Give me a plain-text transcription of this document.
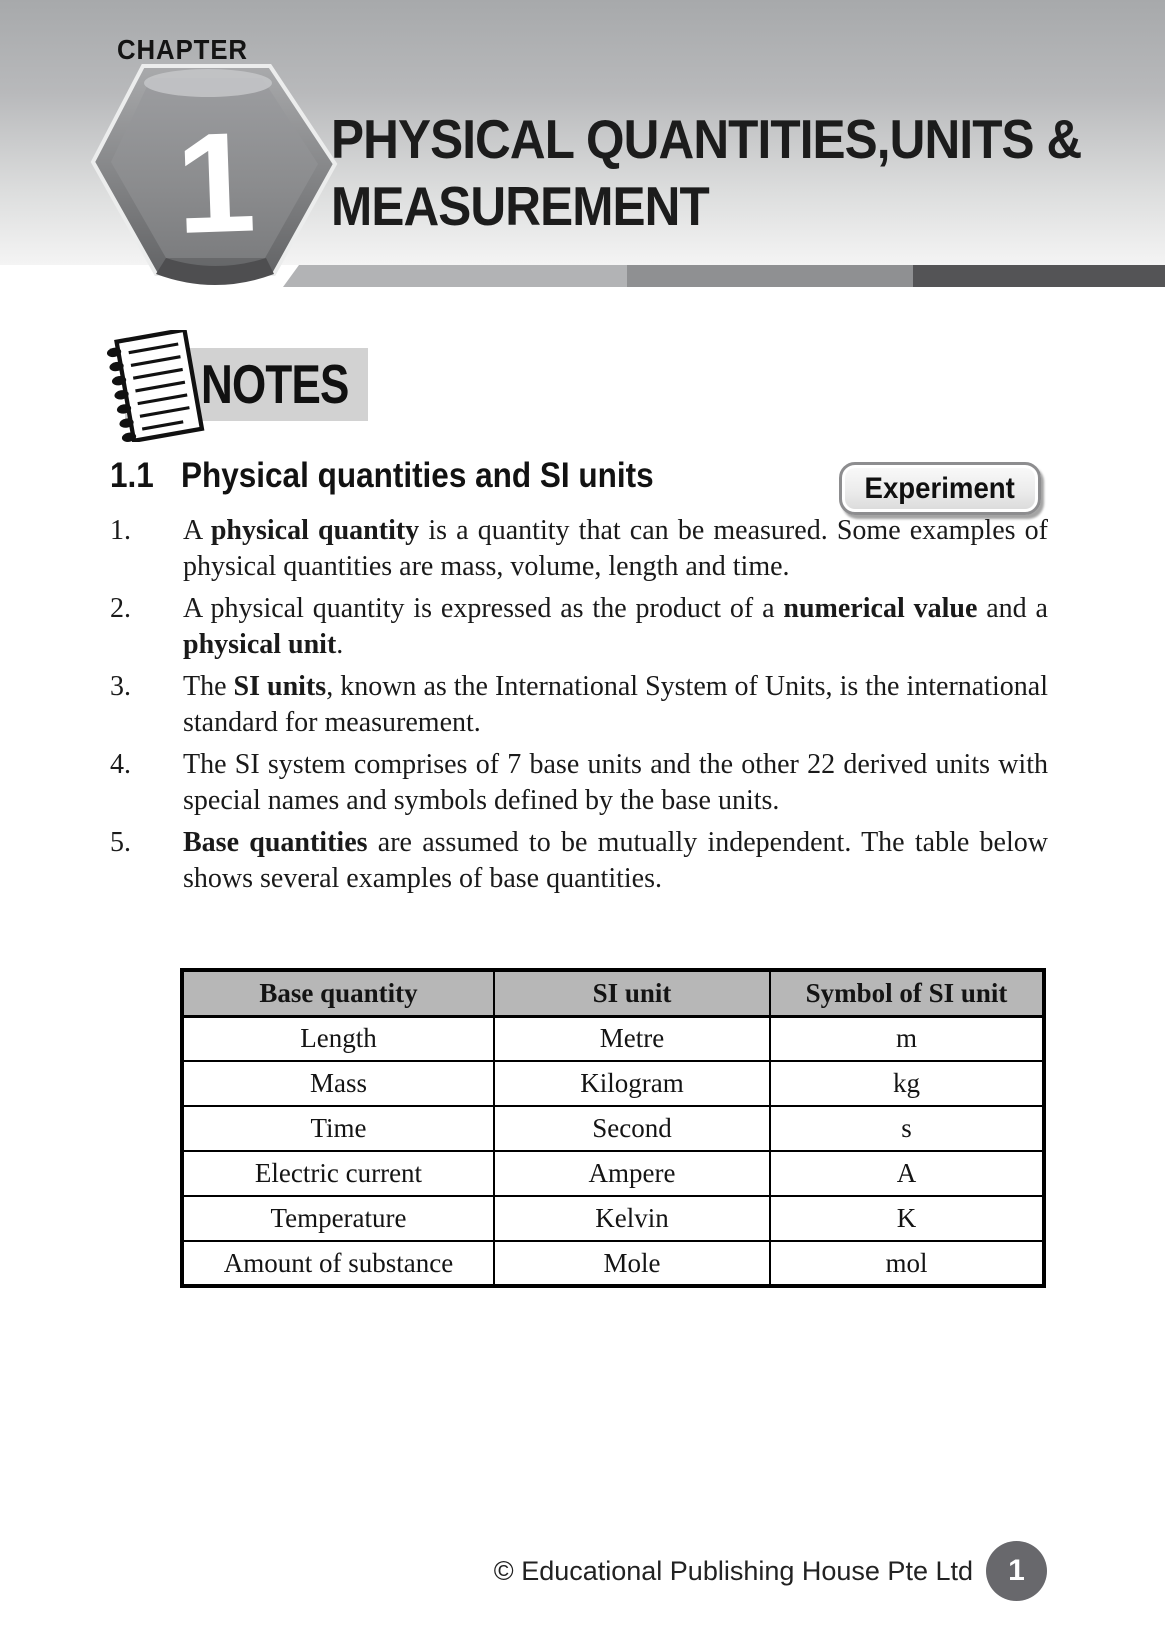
CHAPTER
1 PHYSICAL QUANTITIES,UNITS &
MEASUREMENT
NOTES
1.1 Physical quantities and SI units	Experiment
1.	A physical quantity is a quantity that can be measured. Some examples of physical quantities are mass, volume, length and time.
2.	A physical quantity is expressed as the product of a numerical value and a physical unit.
3.	The SI units, known as the International System of Units, is the international standard for measurement.
4.	The SI system comprises of 7 base units and the other 22 derived units with special names and symbols defined by the base units.
5.	Base quantities are assumed to be mutually independent. The table below shows several examples of base quantities.
Base quantity	SI unit	Symbol of SI unit
Length	Metre	m
Mass	Kilogram	kg
Time	Second	s
Electric current	Ampere	A
Temperature	Kelvin	K
Amount of substance	Mole	mol
© Educational Publishing House Pte Ltd 1
